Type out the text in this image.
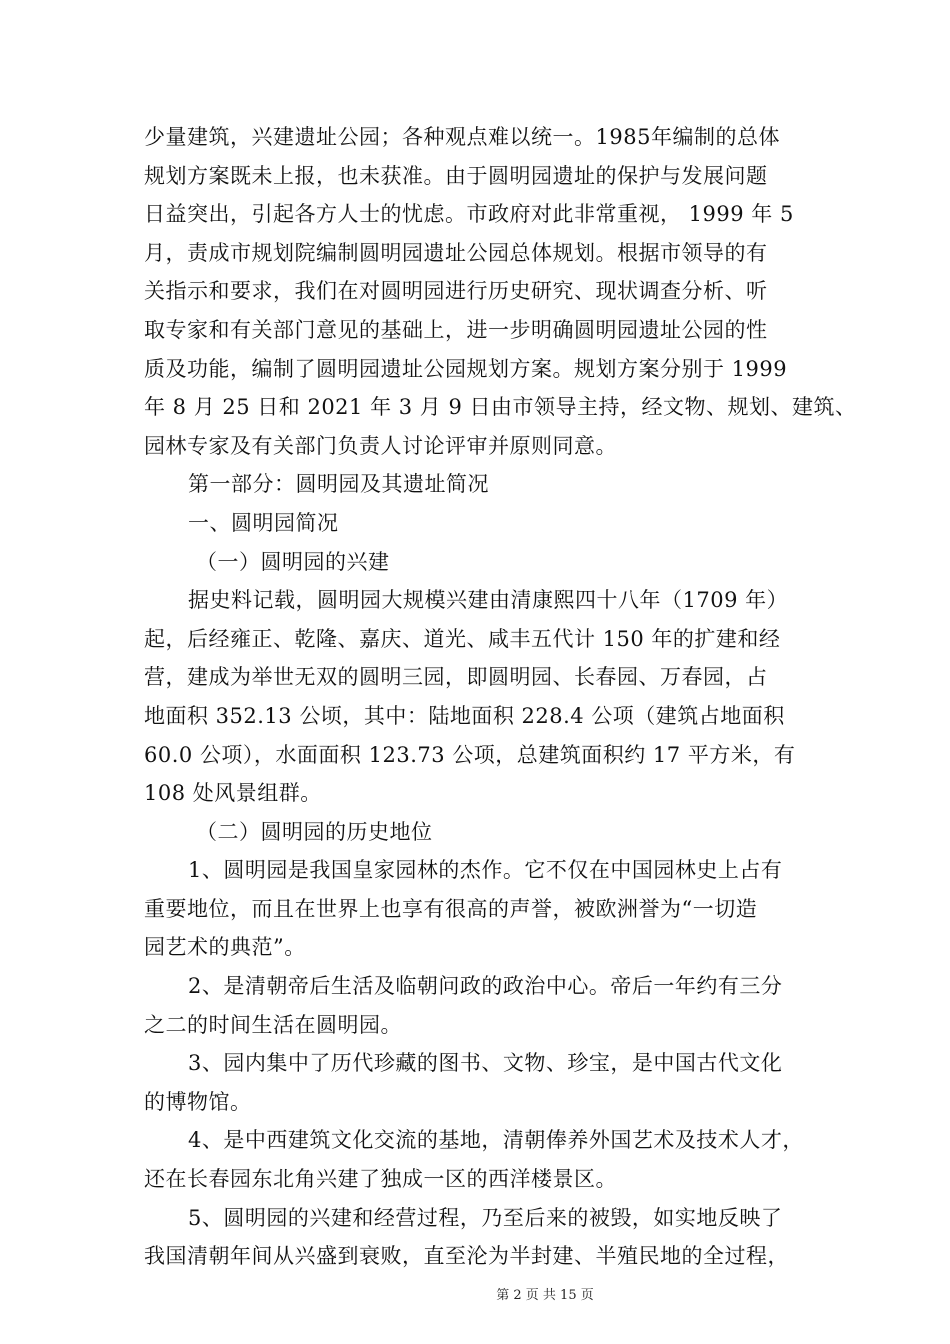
少量建筑，兴建遗址公园；各种观点难以统一。1985年编制的总体
规划方案既未上报，也未获准。由于圆明园遗址的保护与发展问题
日益突出，引起各方人士的忧虑。市政府对此非常重视， 1999 年 5
月，责成市规划院编制圆明园遗址公园总体规划。根据市领导的有
关指示和要求，我们在对圆明园进行历史研究、现状调查分析、听
取专家和有关部门意见的基础上，进一步明确圆明园遗址公园的性
质及功能，编制了圆明园遗址公园规划方案。规划方案分别于 1999
年 8 月 25 日和 2021 年 3 月 9 日由市领导主持，经文物、规划、建筑、
园林专家及有关部门负责人讨论评审并原则同意。
第一部分：圆明园及其遗址简况
一、圆明园简况
（一）圆明园的兴建
据史料记载，圆明园大规模兴建由清康熙四十八年（1709 年）
起，后经雍正、乾隆、嘉庆、道光、咸丰五代计 150 年的扩建和经
营，建成为举世无双的圆明三园，即圆明园、长春园、万春园，占
地面积 352.13 公顷，其中：陆地面积 228.4 公项（建筑占地面积
60.0 公项），水面面积 123.73 公项，总建筑面积约 17 平方米，有
108 处风景组群。
（二）圆明园的历史地位
1、圆明园是我国皇家园林的杰作。它不仅在中国园林史上占有
重要地位，而且在世界上也享有很高的声誉，被欧洲誉为“一切造
园艺术的典范”。
2、是清朝帝后生活及临朝问政的政治中心。帝后一年约有三分
之二的时间生活在圆明园。
3、园内集中了历代珍藏的图书、文物、珍宝，是中国古代文化
的博物馆。
4、是中西建筑文化交流的基地，清朝俸养外国艺术及技术人才，
还在长春园东北角兴建了独成一区的西洋楼景区。
5、圆明园的兴建和经营过程，乃至后来的被毁，如实地反映了
我国清朝年间从兴盛到衰败，直至沦为半封建、半殖民地的全过程，
第 2 页 共 15 页
